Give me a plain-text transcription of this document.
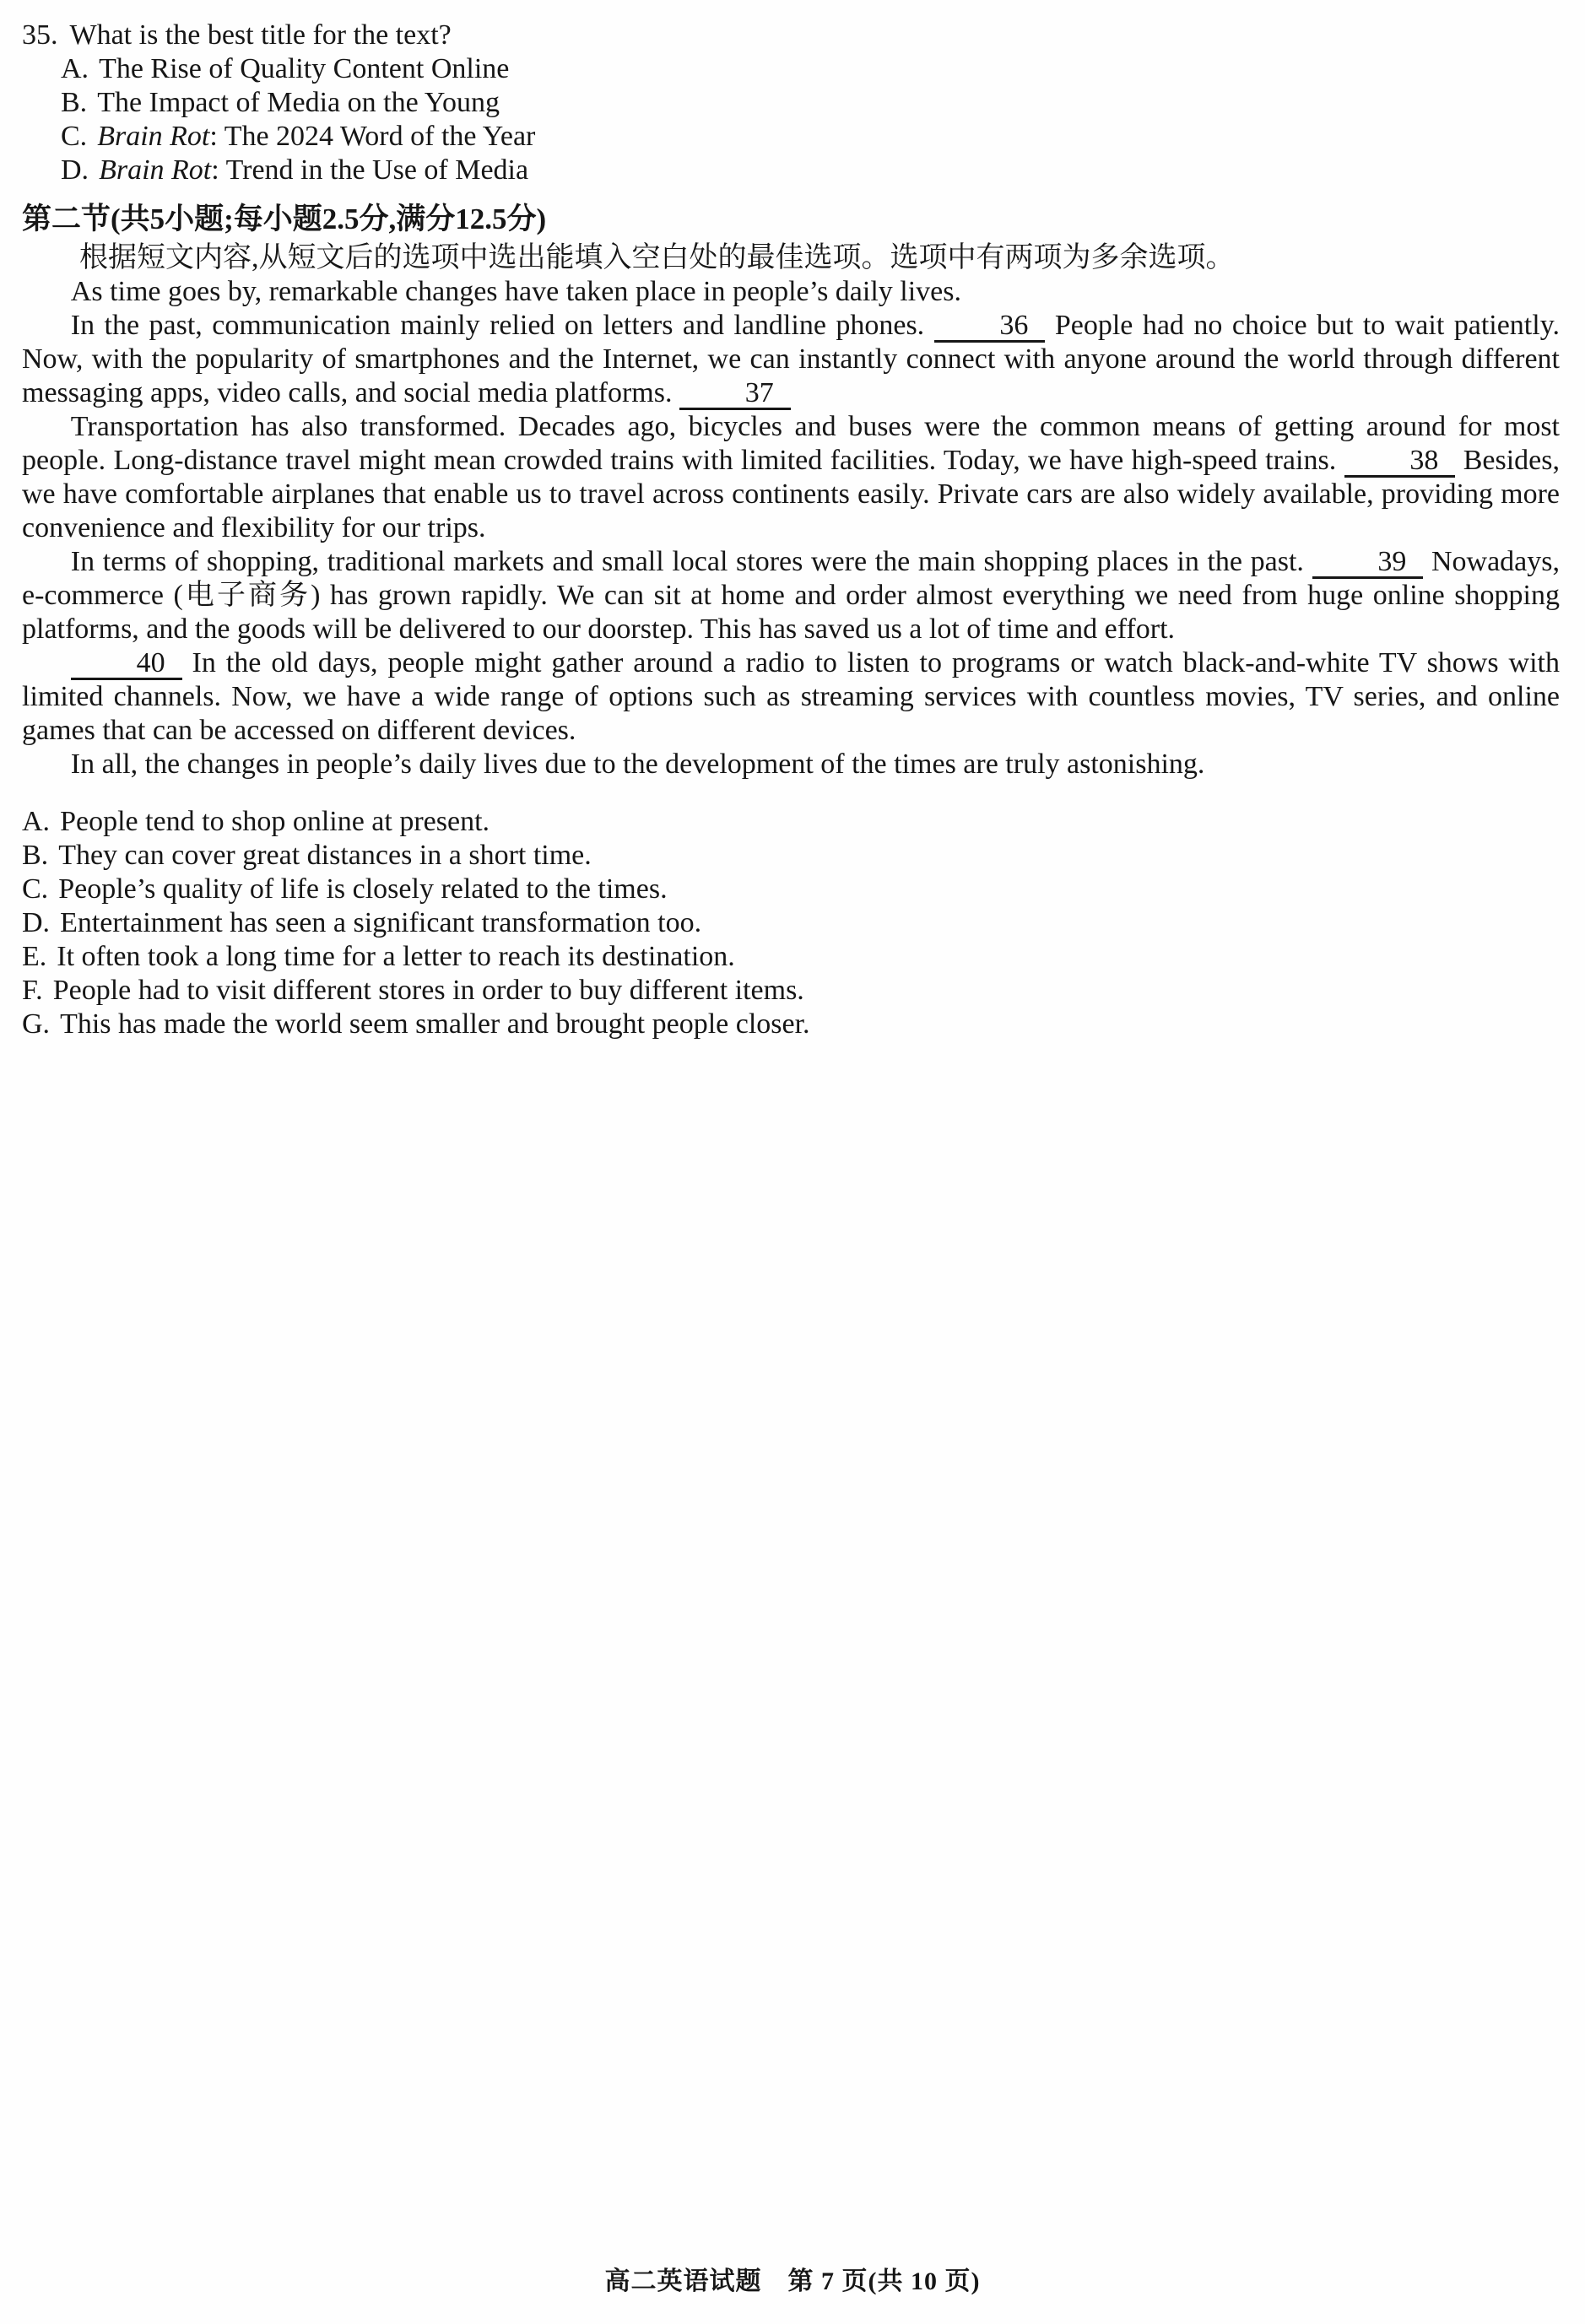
35. What is the best title for the text?

A. The Rise of Quality Content Online

B. The Impact of Media on the Young

C. Brain Rot: The 2024 Word of the Year

D. Brain Rot: Trend in the Use of Media

第二节(共5小题;每小题2.5分,满分12.5分)

根据短文内容,从短文后的选项中选出能填入空白处的最佳选项。选项中有两项为多余选项。

As time goes by, remarkable changes have taken place in people’s daily lives.

In the past, communication mainly relied on letters and landline phones. 36 People had no choice but to wait patiently. Now, with the popularity of smartphones and the Internet, we can instantly connect with anyone around the world through different messaging apps, video calls, and social media platforms. 37

Transportation has also transformed. Decades ago, bicycles and buses were the common means of getting around for most people. Long-distance travel might mean crowded trains with limited facilities. Today, we have high-speed trains. 38 Besides, we have comfortable airplanes that enable us to travel across continents easily. Private cars are also widely available, providing more convenience and flexibility for our trips.

In terms of shopping, traditional markets and small local stores were the main shopping places in the past. 39 Nowadays, e-commerce (电子商务) has grown rapidly. We can sit at home and order almost everything we need from huge online shopping platforms, and the goods will be delivered to our doorstep. This has saved us a lot of time and effort.

40 In the old days, people might gather around a radio to listen to programs or watch black-and-white TV shows with limited channels. Now, we have a wide range of options such as streaming services with countless movies, TV series, and online games that can be accessed on different devices.

In all, the changes in people’s daily lives due to the development of the times are truly astonishing.

A. People tend to shop online at present.

B. They can cover great distances in a short time.

C. People’s quality of life is closely related to the times.

D. Entertainment has seen a significant transformation too.

E. It often took a long time for a letter to reach its destination.

F. People had to visit different stores in order to buy different items.

G. This has made the world seem smaller and brought people closer.

高二英语试题　第 7 页(共 10 页)
